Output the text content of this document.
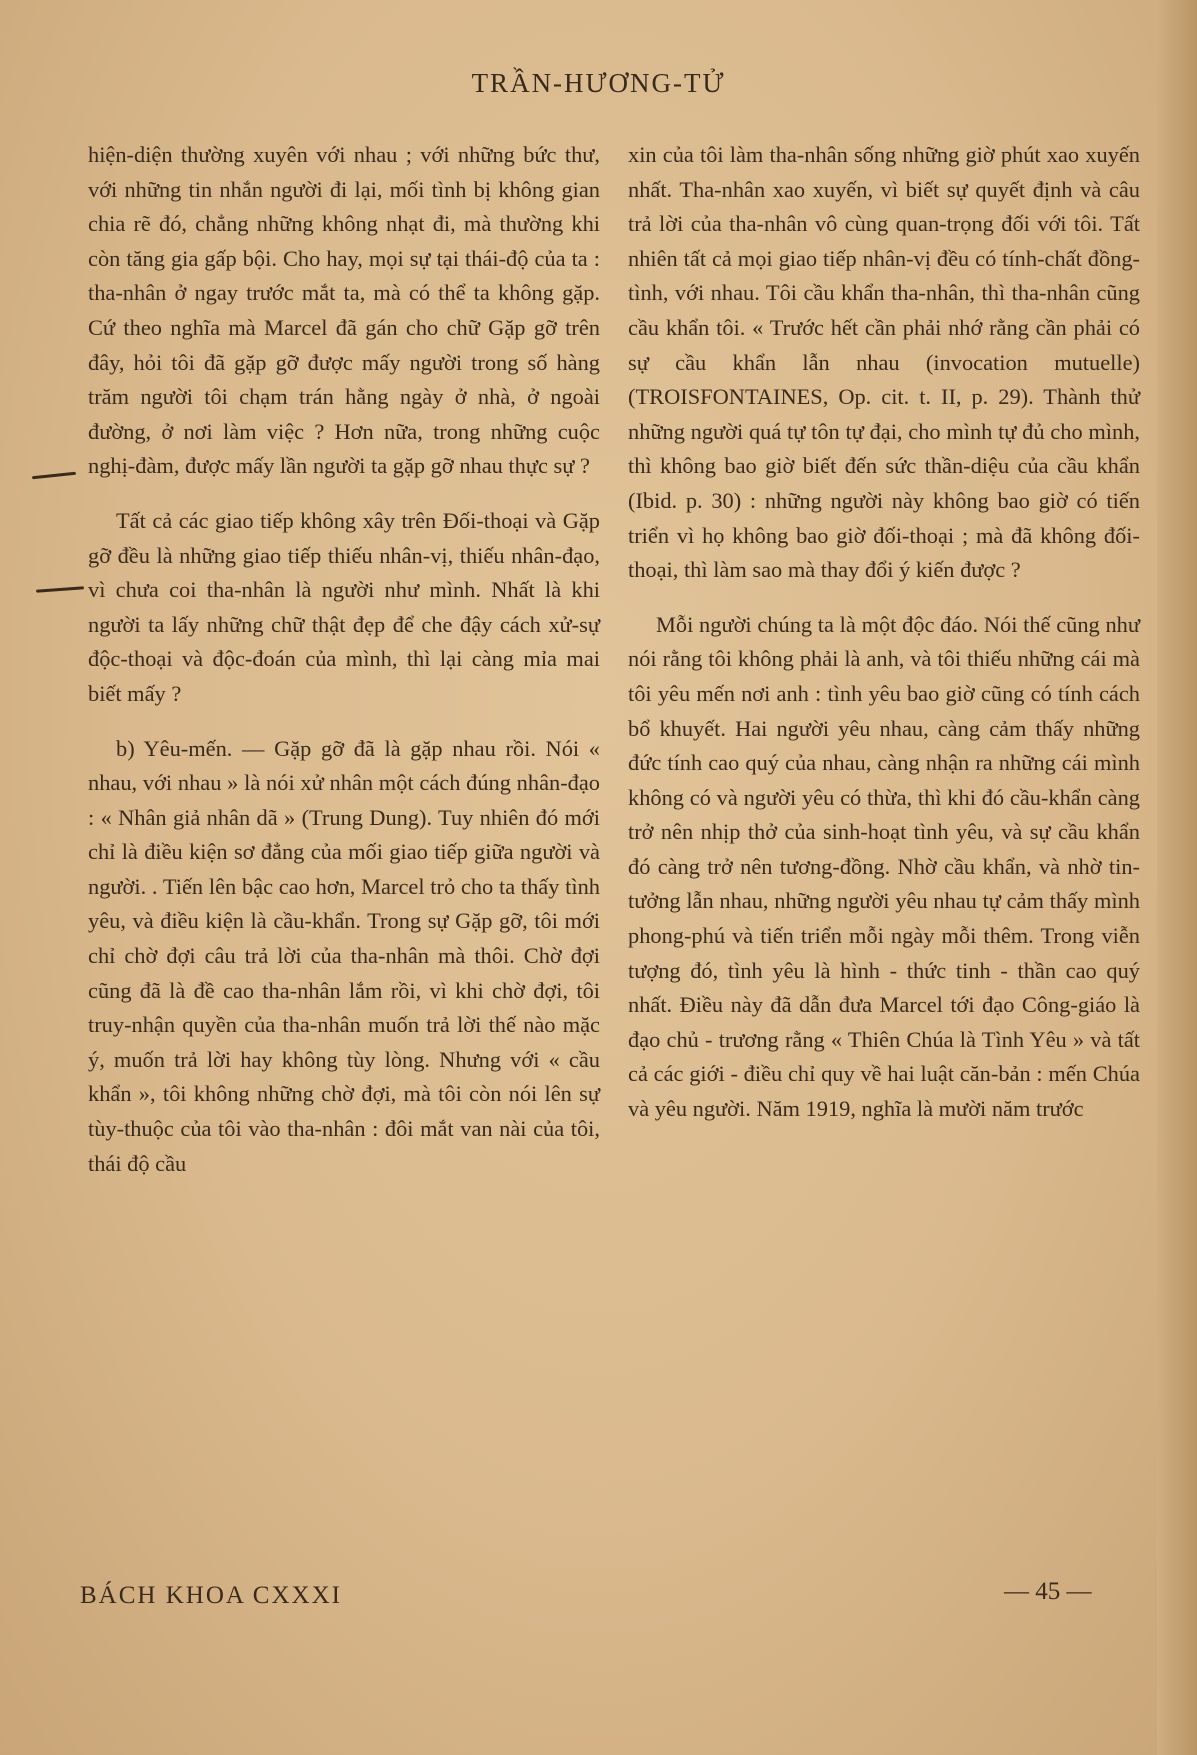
TRẦN-HƯƠNG-TỬ

hiện-diện thường xuyên với nhau ; với những bức thư, với những tin nhắn người đi lại, mối tình bị không gian chia rẽ đó, chẳng những không nhạt đi, mà thường khi còn tăng gia gấp bội. Cho hay, mọi sự tại thái-độ của ta : tha-nhân ở ngay trước mắt ta, mà có thể ta không gặp. Cứ theo nghĩa mà Marcel đã gán cho chữ Gặp gỡ trên đây, hỏi tôi đã gặp gỡ được mấy người trong số hàng trăm người tôi chạm trán hằng ngày ở nhà, ở ngoài đường, ở nơi làm việc ? Hơn nữa, trong những cuộc nghị-đàm, được mấy lần người ta gặp gỡ nhau thực sự ?

Tất cả các giao tiếp không xây trên Đối-thoại và Gặp gỡ đều là những giao tiếp thiếu nhân-vị, thiếu nhân-đạo, vì chưa coi tha-nhân là người như mình. Nhất là khi người ta lấy những chữ thật đẹp để che đậy cách xử-sự độc-thoại và độc-đoán của mình, thì lại càng mỉa mai biết mấy ?

b) Yêu-mến. — Gặp gỡ đã là gặp nhau rồi. Nói « nhau, với nhau » là nói xử nhân một cách đúng nhân-đạo : « Nhân giả nhân dã » (Trung Dung). Tuy nhiên đó mới chỉ là điều kiện sơ đẳng của mối giao tiếp giữa người và người. . Tiến lên bậc cao hơn, Marcel trỏ cho ta thấy tình yêu, và điều kiện là cầu-khẩn. Trong sự Gặp gỡ, tôi mới chỉ chờ đợi câu trả lời của tha-nhân mà thôi. Chờ đợi cũng đã là đề cao tha-nhân lắm rồi, vì khi chờ đợi, tôi truy-nhận quyền của tha-nhân muốn trả lời thế nào mặc ý, muốn trả lời hay không tùy lòng. Nhưng với « cầu khẩn », tôi không những chờ đợi, mà tôi còn nói lên sự tùy-thuộc của tôi vào tha-nhân : đôi mắt van nài của tôi, thái độ cầu

xin của tôi làm tha-nhân sống những giờ phút xao xuyến nhất. Tha-nhân xao xuyến, vì biết sự quyết định và câu trả lời của tha-nhân vô cùng quan-trọng đối với tôi. Tất nhiên tất cả mọi giao tiếp nhân-vị đều có tính-chất đồng-tình, với nhau. Tôi cầu khẩn tha-nhân, thì tha-nhân cũng cầu khẩn tôi. « Trước hết cần phải nhớ rằng cần phải có sự cầu khẩn lẫn nhau (invocation mutuelle) (TROISFONTAINES, Op. cit. t. II, p. 29). Thành thử những người quá tự tôn tự đại, cho mình tự đủ cho mình, thì không bao giờ biết đến sức thần-diệu của cầu khẩn (Ibid. p. 30) : những người này không bao giờ có tiến triển vì họ không bao giờ đối-thoại ; mà đã không đối-thoại, thì làm sao mà thay đổi ý kiến được ?

Mỗi người chúng ta là một độc đáo. Nói thế cũng như nói rằng tôi không phải là anh, và tôi thiếu những cái mà tôi yêu mến nơi anh : tình yêu bao giờ cũng có tính cách bổ khuyết. Hai người yêu nhau, càng cảm thấy những đức tính cao quý của nhau, càng nhận ra những cái mình không có và người yêu có thừa, thì khi đó cầu-khẩn càng trở nên nhịp thở của sinh-hoạt tình yêu, và sự cầu khẩn đó càng trở nên tương-đồng. Nhờ cầu khẩn, và nhờ tin-tưởng lẫn nhau, những người yêu nhau tự cảm thấy mình phong-phú và tiến triển mỗi ngày mỗi thêm. Trong viễn tượng đó, tình yêu là hình - thức tinh - thần cao quý nhất. Điều này đã dẫn đưa Marcel tới đạo Công-giáo là đạo chủ - trương rằng « Thiên Chúa là Tình Yêu » và tất cả các giới - điều chỉ quy về hai luật căn-bản : mến Chúa và yêu người. Năm 1919, nghĩa là mười năm trước

BÁCH KHOA CXXXI	— 45 —
